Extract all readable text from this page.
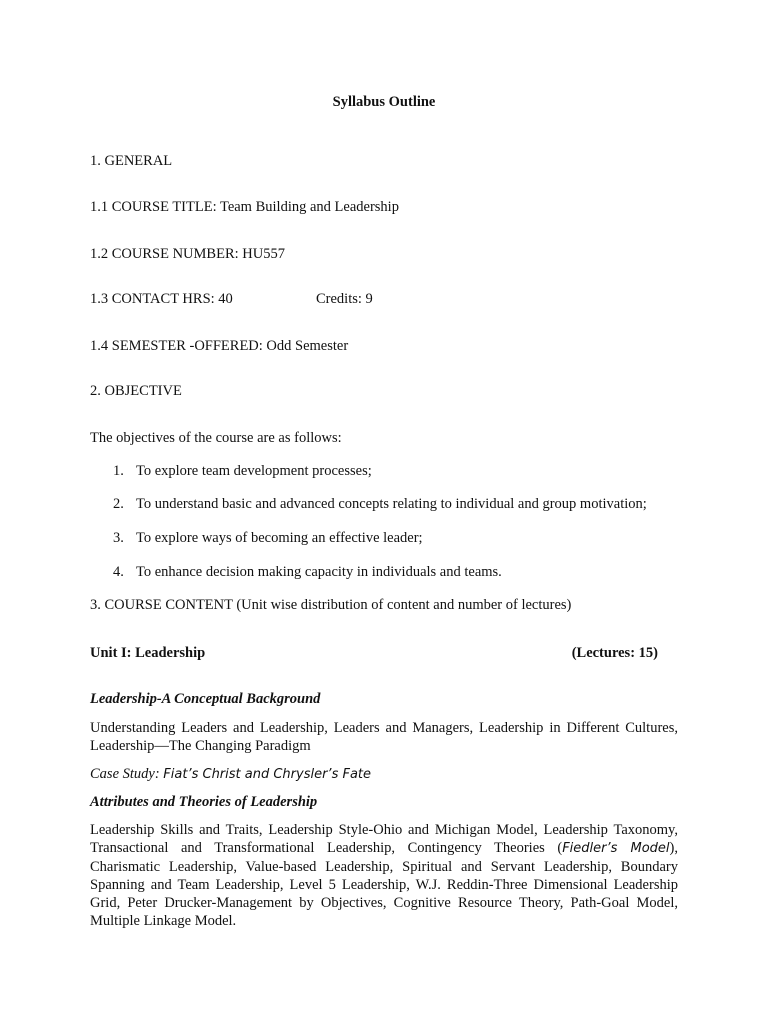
Syllabus Outline
1. GENERAL
1.1 COURSE TITLE: Team Building and Leadership
1.2 COURSE NUMBER: HU557
1.3 CONTACT HRS: 40	Credits: 9
1.4 SEMESTER -OFFERED: Odd Semester
2. OBJECTIVE
The objectives of the course are as follows:
1. To explore team development processes;
2. To understand basic and advanced concepts relating to individual and group motivation;
3. To explore ways of becoming an effective leader;
4. To enhance decision making capacity in individuals and teams.
3. COURSE CONTENT (Unit wise distribution of content and number of lectures)
Unit I: Leadership	(Lectures: 15)
Leadership-A Conceptual Background
Understanding Leaders and Leadership, Leaders and Managers, Leadership in Different Cultures, Leadership—The Changing Paradigm
Case Study: Fiat’s Christ and Chrysler’s Fate
Attributes and Theories of Leadership
Leadership Skills and Traits, Leadership Style-Ohio and Michigan Model, Leadership Taxonomy, Transactional and Transformational Leadership, Contingency Theories (Fiedler’s Model), Charismatic Leadership, Value-based Leadership, Spiritual and Servant Leadership, Boundary Spanning and Team Leadership, Level 5 Leadership, W.J. Reddin-Three Dimensional Leadership Grid, Peter Drucker-Management by Objectives, Cognitive Resource Theory, Path-Goal Model, Multiple Linkage Model.
